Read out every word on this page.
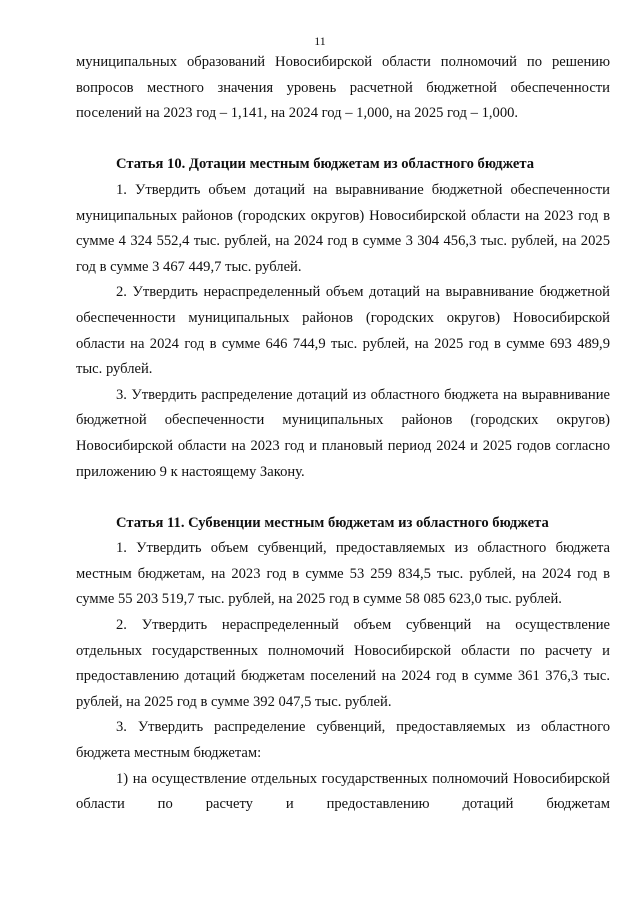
11

муниципальных образований Новосибирской области полномочий по решению вопросов местного значения уровень расчетной бюджетной обеспеченности поселений на 2023 год – 1,141, на 2024 год – 1,000, на 2025 год – 1,000.

Статья 10. Дотации местным бюджетам из областного бюджета

1. Утвердить объем дотаций на выравнивание бюджетной обеспеченности муниципальных районов (городских округов) Новосибирской области на 2023 год в сумме 4 324 552,4 тыс. рублей, на 2024 год в сумме 3 304 456,3 тыс. рублей, на 2025 год в сумме 3 467 449,7 тыс. рублей.

2. Утвердить нераспределенный объем дотаций на выравнивание бюджетной обеспеченности муниципальных районов (городских округов) Новосибирской области на 2024 год в сумме 646 744,9 тыс. рублей, на 2025 год в сумме 693 489,9 тыс. рублей.

3. Утвердить распределение дотаций из областного бюджета на выравнивание бюджетной обеспеченности муниципальных районов (городских округов) Новосибирской области на 2023 год и плановый период 2024 и 2025 годов согласно приложению 9 к настоящему Закону.

Статья 11. Субвенции местным бюджетам из областного бюджета

1. Утвердить объем субвенций, предоставляемых из областного бюджета местным бюджетам, на 2023 год в сумме 53 259 834,5 тыс. рублей, на 2024 год в сумме 55 203 519,7 тыс. рублей, на 2025 год в сумме 58 085 623,0 тыс. рублей.

2. Утвердить нераспределенный объем субвенций на осуществление отдельных государственных полномочий Новосибирской области по расчету и предоставлению дотаций бюджетам поселений на 2024 год в сумме 361 376,3 тыс. рублей, на 2025 год в сумме 392 047,5 тыс. рублей.

3. Утвердить распределение субвенций, предоставляемых из областного бюджета местным бюджетам:

1) на осуществление отдельных государственных полномочий Новосибирской области по расчету и предоставлению дотаций бюджетам
